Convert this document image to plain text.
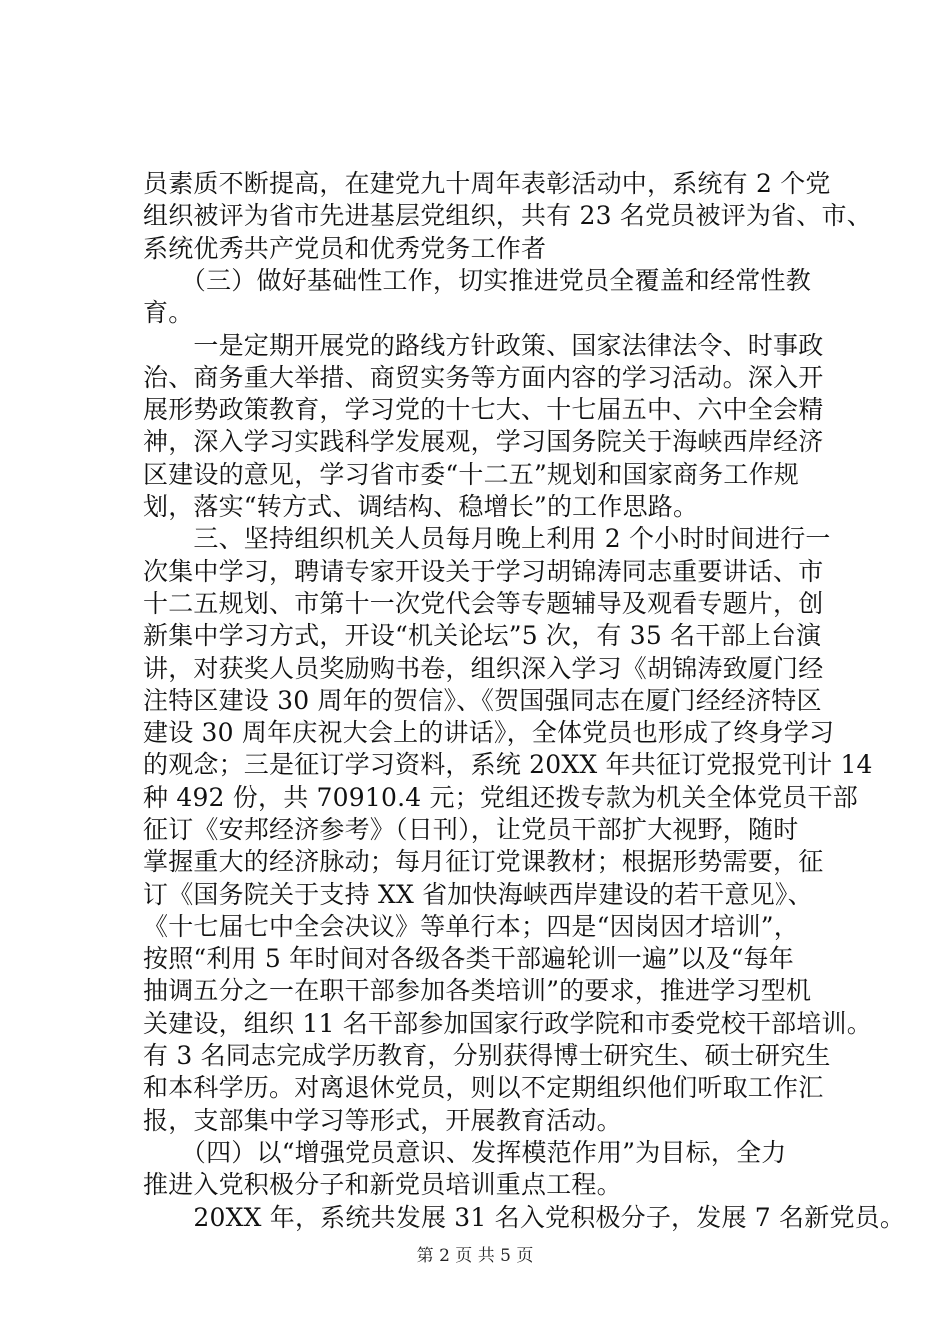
员素质不断提高，在建党九十周年表彰活动中，系统有 2 个党
组织被评为省市先进基层党组织，共有 23 名党员被评为省、市、
系统优秀共产党员和优秀党务工作者
　　（三）做好基础性工作，切实推进党员全覆盖和经常性教
育。
　　一是定期开展党的路线方针政策、国家法律法令、时事政
治、商务重大举措、商贸实务等方面内容的学习活动。深入开
展形势政策教育，学习党的十七大、十七届五中、六中全会精
神，深入学习实践科学发展观，学习国务院关于海峡西岸经济
区建设的意见，学习省市委“十二五”规划和国家商务工作规
划，落实“转方式、调结构、稳增长”的工作思路。
　　三、坚持组织机关人员每月晚上利用 2 个小时时间进行一
次集中学习，聘请专家开设关于学习胡锦涛同志重要讲话、市
十二五规划、市第十一次党代会等专题辅导及观看专题片，创
新集中学习方式，开设“机关论坛”5 次，有 35 名干部上台演
讲，对获奖人员奖励购书卷，组织深入学习《胡锦涛致厦门经
注特区建设 30 周年的贺信》、《贺国强同志在厦门经经济特区
建设 30 周年庆祝大会上的讲话》，全体党员也形成了终身学习
的观念；三是征订学习资料，系统 20XX 年共征订党报党刊计 14
种 492 份，共 70910.4 元；党组还拨专款为机关全体党员干部
征订《安邦经济参考》（日刊），让党员干部扩大视野，随时
掌握重大的经济脉动；每月征订党课教材；根据形势需要，征
订《国务院关于支持 XX 省加快海峡西岸建设的若干意见》、
《十七届七中全会决议》等单行本；四是“因岗因才培训”，
按照“利用 5 年时间对各级各类干部遍轮训一遍”以及“每年
抽调五分之一在职干部参加各类培训”的要求，推进学习型机
关建设，组织 11 名干部参加国家行政学院和市委党校干部培训。
有 3 名同志完成学历教育，分别获得博士研究生、硕士研究生
和本科学历。对离退休党员，则以不定期组织他们听取工作汇
报，支部集中学习等形式，开展教育活动。
　　（四）以“增强党员意识、发挥模范作用”为目标，全力
推进入党积极分子和新党员培训重点工程。
　　20XX 年，系统共发展 31 名入党积极分子，发展 7 名新党员。
第 2 页 共 5 页
